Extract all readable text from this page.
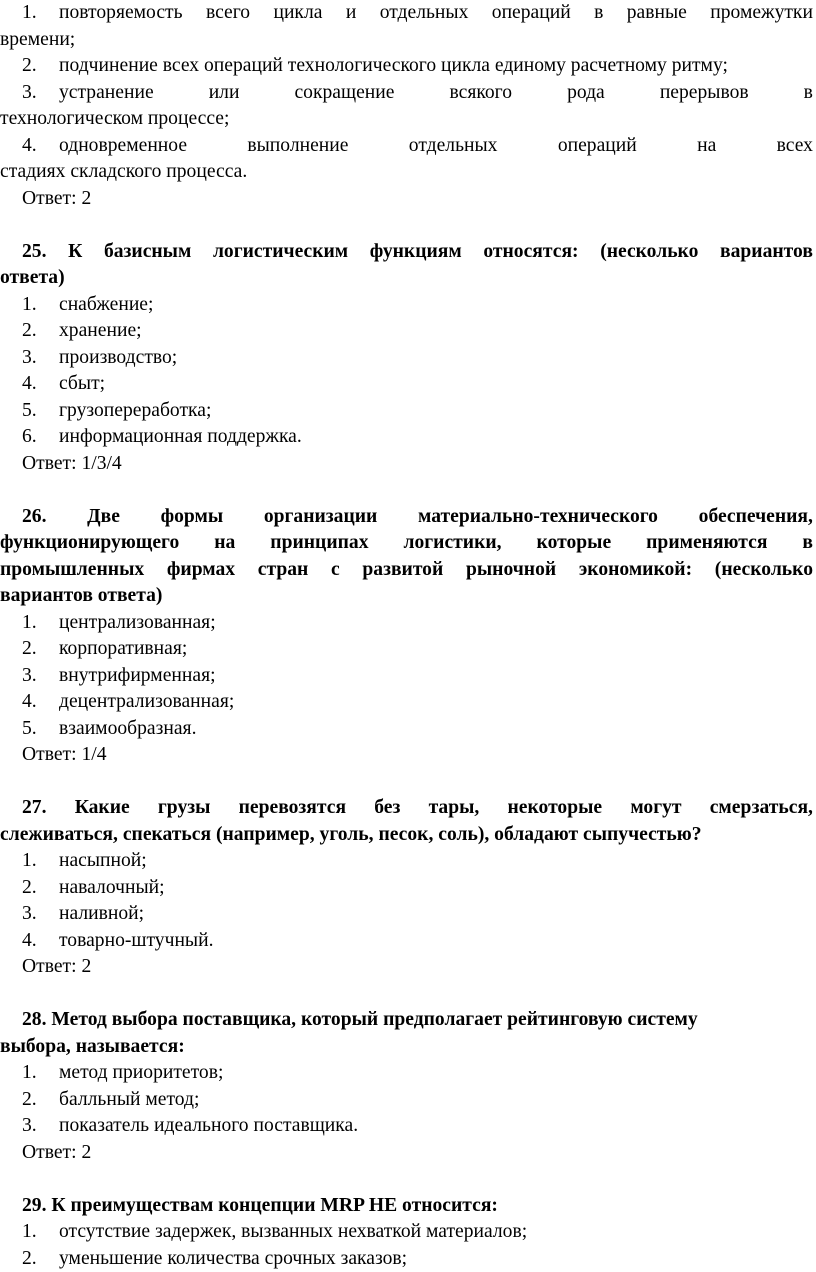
1. повторяемость всего цикла и отдельных операций в равные промежутки
времени;
2. подчинение всех операций технологического цикла единому расчетному ритму;
3. устранение	или	сокращение	всякого	рода	перерывов	в
технологическом процессе;
4. одновременное	выполнение	отдельных	операций	на	всех
стадиях складского процесса.
Ответ: 2
25. К базисным логистическим функциям относятся: (несколько вариантов
ответа)
1. снабжение;
2. хранение;
3. производство;
4. сбыт;
5. грузопереработка;
6. информационная поддержка.
Ответ: 1/3/4
26. Две формы организации материально-технического обеспечения,
функционирующего на принципах логистики, которые применяются в
промышленных фирмах стран с развитой рыночной экономикой: (несколько
вариантов ответа)
1. централизованная;
2. корпоративная;
3. внутрифирменная;
4. децентрализованная;
5. взаимообразная.
Ответ: 1/4
27. Какие грузы перевозятся без тары, некоторые могут смерзаться,
слеживаться, спекаться (например, уголь, песок, соль), обладают сыпучестью?
1. насыпной;
2. навалочный;
3. наливной;
4. товарно-штучный.
Ответ: 2
28. Метод выбора поставщика, который предполагает рейтинговую систему
выбора, называется:
1. метод приоритетов;
2. балльный метод;
3. показатель идеального поставщика.
Ответ: 2
29. К преимуществам концепции MRP НЕ относится:
1. отсутствие задержек, вызванных нехваткой материалов;
2. уменьшение количества срочных заказов;
